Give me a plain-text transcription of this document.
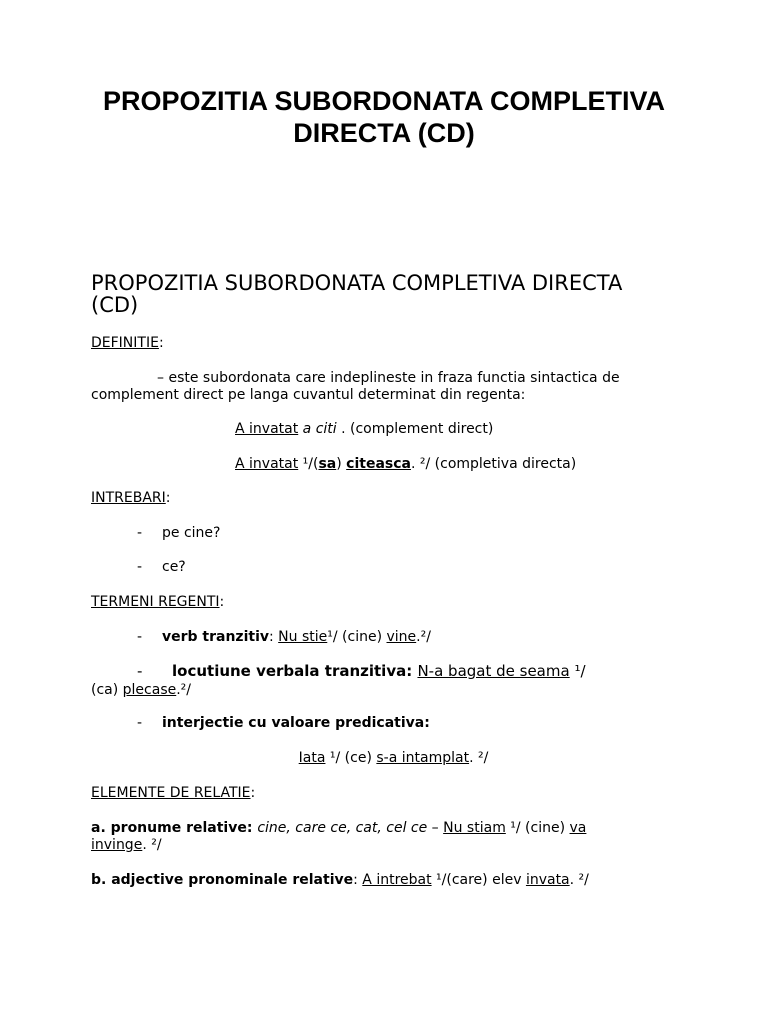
PROPOZITIA SUBORDONATA COMPLETIVA
DIRECTA (CD)
PROPOZITIA SUBORDONATA COMPLETIVA DIRECTA
(CD)
DEFINITIE:
– este subordonata care indeplineste in fraza functia sintactica de
complement direct pe langa cuvantul determinat din regenta:
A invatat a citi . (complement direct)
A invatat ¹/(sa) citeasca. ²/ (completiva directa)
INTREBARI:
- pe cine?
- ce?
TERMENI REGENTI:
- verb tranzitiv: Nu stie¹/ (cine) vine.²/
- locutiune verbala tranzitiva: N-a bagat de seama ¹/
(ca) plecase.²/
- interjectie cu valoare predicativa:
Iata ¹/ (ce) s-a intamplat. ²/
ELEMENTE DE RELATIE:
a. pronume relative: cine, care ce, cat, cel ce – Nu stiam ¹/ (cine) va
invinge. ²/
b. adjective pronominale relative: A intrebat ¹/(care) elev invata. ²/
